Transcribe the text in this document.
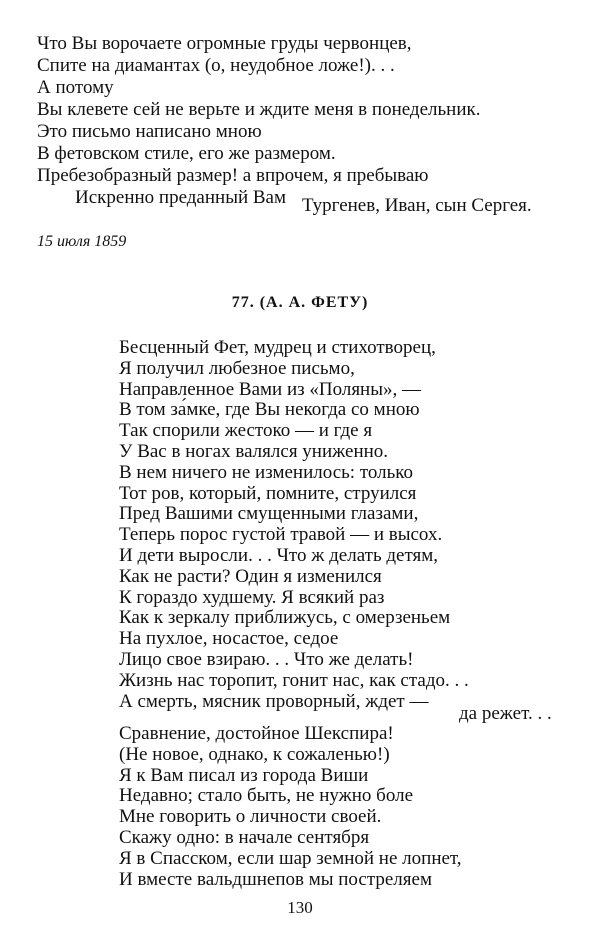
Что Вы ворочаете огромные груды червонцев,
Спите на диамантах (о, неудобное ложе!). . .
А потому
Вы клевете сей не верьте и ждите меня в понедельник.
Это письмо написано мною
В фетовском стиле, его же размером.
Пребезобразный размер! а впрочем, я пребываю
Искренно преданный Вам Тургенев, Иван, сын Сергея.
15 июля 1859
77. (А. А. ФЕТУ)
Бесценный Фет, мудрец и стихотворец,
Я получил любезное письмо,
Направленное Вами из «Поляны», —
В том за́мке, где Вы некогда со мною
Так спорили жестоко — и где я
У Вас в ногах валялся униженно.
В нем ничего не изменилось: только
Тот ров, который, помните, струился
Пред Вашими смущенными глазами,
Теперь порос густой травой — и высох.
И дети выросли. . . Что ж делать детям,
Как не расти? Один я изменился
К гораздо худшему. Я всякий раз
Как к зеркалу приближусь, с омерзеньем
На пухлое, носастое, седое
Лицо свое взираю. . . Что же делать!
Жизнь нас торопит, гонит нас, как стадо. . .
А смерть, мясник проворный, ждет —
да режет. . .
Сравнение, достойное Шекспира!
(Не новое, однако, к сожаленью!)
Я к Вам писал из города Виши
Недавно; стало быть, не нужно боле
Мне говорить о личности своей.
Скажу одно: в начале сентября
Я в Спасском, если шар земной не лопнет,
И вместе вальдшнепов мы постреляем
130
